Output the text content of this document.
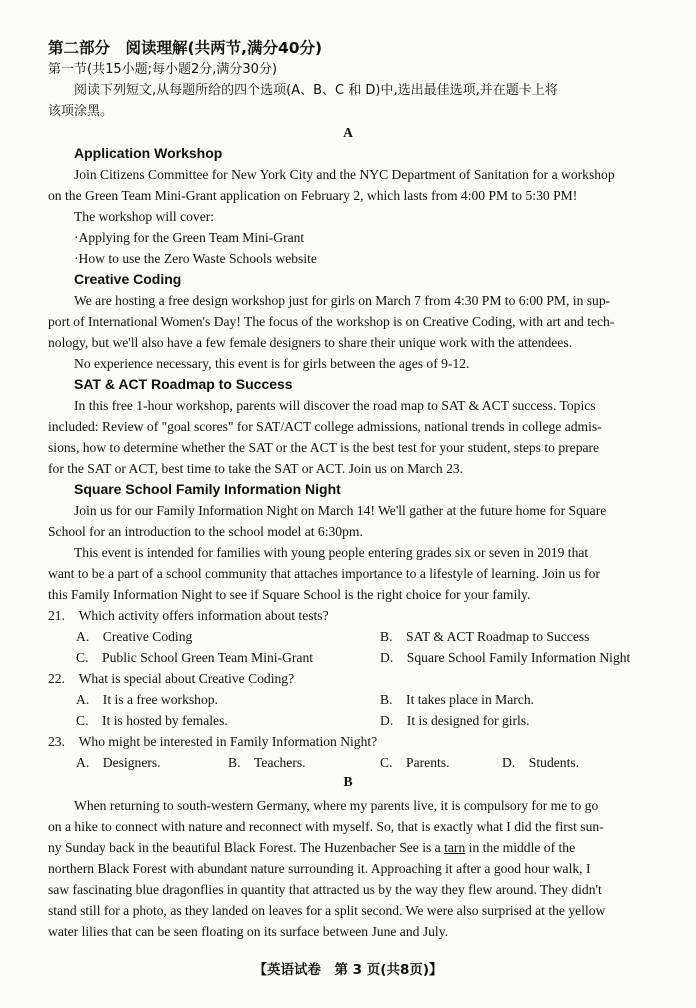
第二部分　阅读理解(共两节,满分40分)
第一节(共15小题;每小题2分,满分30分)
阅读下列短文,从每题所给的四个选项(A、B、C 和 D)中,选出最佳选项,并在题卡上将
该项涂黑。
A
Application Workshop
Join Citizens Committee for New York City and the NYC Department of Sanitation for a workshop
on the Green Team Mini-Grant application on February 2, which lasts from 4:00 PM to 5:30 PM!
The workshop will cover:
·Applying for the Green Team Mini-Grant
·How to use the Zero Waste Schools website
Creative Coding
We are hosting a free design workshop just for girls on March 7 from 4:30 PM to 6:00 PM, in sup-
port of International Women's Day! The focus of the workshop is on Creative Coding, with art and tech-
nology, but we'll also have a few female designers to share their unique work with the attendees.
No experience necessary, this event is for girls between the ages of 9-12.
SAT & ACT Roadmap to Success
In this free 1-hour workshop, parents will discover the road map to SAT & ACT success. Topics
included: Review of "goal scores" for SAT/ACT college admissions, national trends in college admis-
sions, how to determine whether the SAT or the ACT is the best test for your student, steps to prepare
for the SAT or ACT, best time to take the SAT or ACT. Join us on March 23.
Square School Family Information Night
Join us for our Family Information Night on March 14! We'll gather at the future home for Square
School for an introduction to the school model at 6:30pm.
This event is intended for families with young people entering grades six or seven in 2019 that
want to be a part of a school community that attaches importance to a lifestyle of learning. Join us for
this Family Information Night to see if Square School is the right choice for your family.
21.　Which activity offers information about tests?
A.　Creative Coding	B.　SAT & ACT Roadmap to Success
C.　Public School Green Team Mini-Grant	D.　Square School Family Information Night
22.　What is special about Creative Coding?
A.　It is a free workshop.	B.　It takes place in March.
C.　It is hosted by females.	D.　It is designed for girls.
23.　Who might be interested in Family Information Night?
A.　Designers.	B.　Teachers.	C.　Parents.	D.　Students.
B
When returning to south-western Germany, where my parents live, it is compulsory for me to go
on a hike to connect with nature and reconnect with myself. So, that is exactly what I did the first sun-
ny Sunday back in the beautiful Black Forest. The Huzenbacher See is a tarn in the middle of the
northern Black Forest with abundant nature surrounding it. Approaching it after a good hour walk, I
saw fascinating blue dragonflies in quantity that attracted us by the way they flew around. They didn't
stand still for a photo, as they landed on leaves for a split second. We were also surprised at the yellow
water lilies that can be seen floating on its surface between June and July.
【英语试卷　第 3 页(共8页)】
